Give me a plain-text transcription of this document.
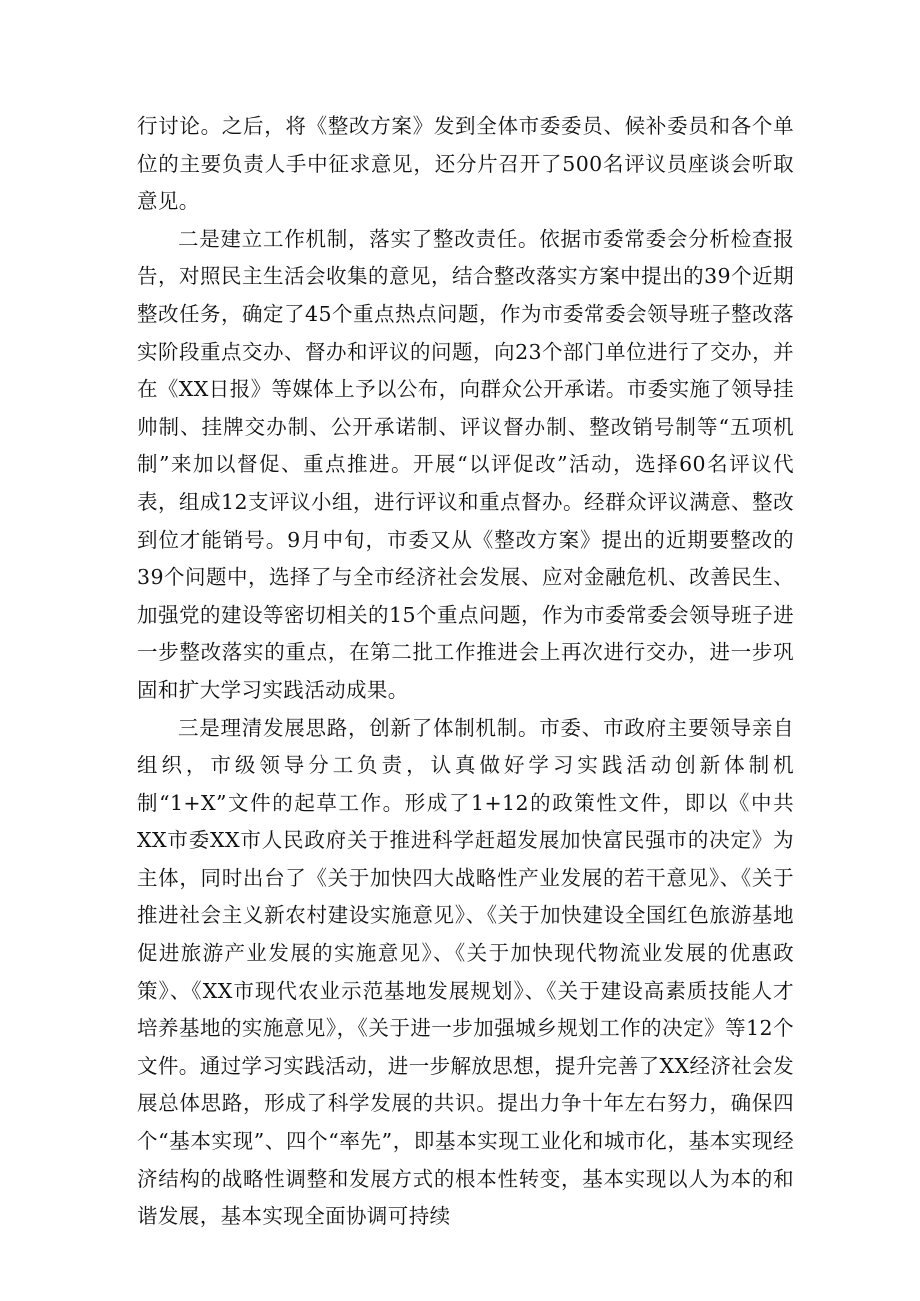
行讨论。之后，将《整改方案》发到全体市委委员、候补委员和各个单位的主要负责人手中征求意见，还分片召开了500名评议员座谈会听取意见。

二是建立工作机制，落实了整改责任。依据市委常委会分析检查报告，对照民主生活会收集的意见，结合整改落实方案中提出的39个近期整改任务，确定了45个重点热点问题，作为市委常委会领导班子整改落实阶段重点交办、督办和评议的问题，向23个部门单位进行了交办，并在《XX日报》等媒体上予以公布，向群众公开承诺。市委实施了领导挂帅制、挂牌交办制、公开承诺制、评议督办制、整改销号制等“五项机制”来加以督促、重点推进。开展“以评促改”活动，选择60名评议代表，组成12支评议小组，进行评议和重点督办。经群众评议满意、整改到位才能销号。9月中旬，市委又从《整改方案》提出的近期要整改的39个问题中，选择了与全市经济社会发展、应对金融危机、改善民生、加强党的建设等密切相关的15个重点问题，作为市委常委会领导班子进一步整改落实的重点，在第二批工作推进会上再次进行交办，进一步巩固和扩大学习实践活动成果。

三是理清发展思路，创新了体制机制。市委、市政府主要领导亲自组织，市级领导分工负责，认真做好学习实践活动创新体制机制“1+X”文件的起草工作。形成了1+12的政策性文件，即以《中共XX市委XX市人民政府关于推进科学赶超发展加快富民强市的决定》为主体，同时出台了《关于加快四大战略性产业发展的若干意见》、《关于推进社会主义新农村建设实施意见》、《关于加快建设全国红色旅游基地促进旅游产业发展的实施意见》、《关于加快现代物流业发展的优惠政策》、《XX市现代农业示范基地发展规划》、《关于建设高素质技能人才培养基地的实施意见》，《关于进一步加强城乡规划工作的决定》等12个文件。通过学习实践活动，进一步解放思想，提升完善了XX经济社会发展总体思路，形成了科学发展的共识。提出力争十年左右努力，确保四个“基本实现”、四个“率先”，即基本实现工业化和城市化，基本实现经济结构的战略性调整和发展方式的根本性转变，基本实现以人为本的和谐发展，基本实现全面协调可持续
